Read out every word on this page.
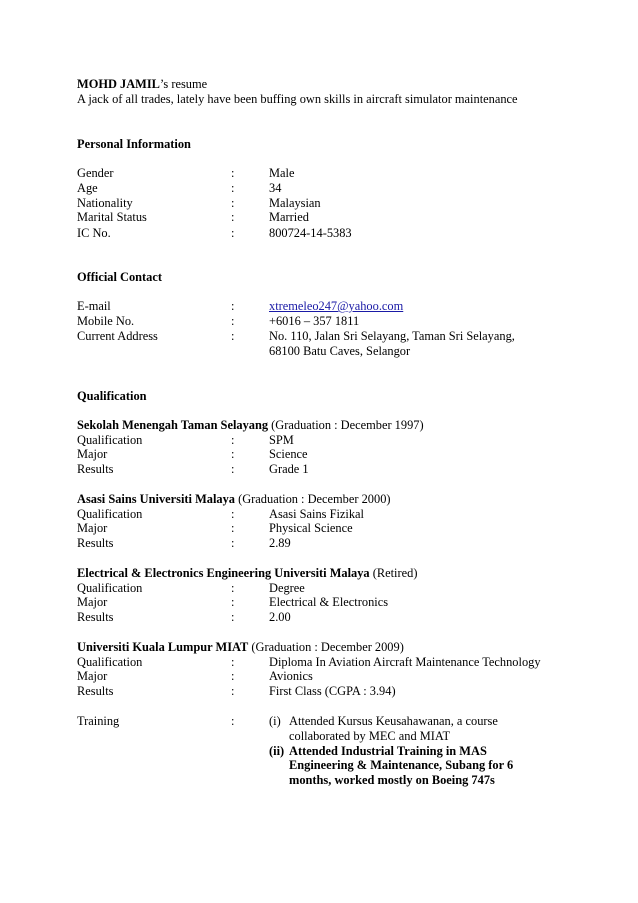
MOHD JAMIL’s resume
A jack of all trades, lately have been buffing own skills in aircraft simulator maintenance
Personal Information
Gender	:	Male
Age	:	34
Nationality	:	Malaysian
Marital Status	:	Married
IC No.	:	800724-14-5383
Official Contact
E-mail	:	xtremeleo247@yahoo.com
Mobile No.	:	+6016 – 357 1811
Current Address	:	No. 110, Jalan Sri Selayang, Taman Sri Selayang,
68100 Batu Caves, Selangor
Qualification
Sekolah Menengah Taman Selayang (Graduation : December 1997)
Qualification	:	SPM
Major	:	Science
Results	:	Grade 1
Asasi Sains Universiti Malaya (Graduation : December 2000)
Qualification	:	Asasi Sains Fizikal
Major	:	Physical Science
Results	:	2.89
Electrical & Electronics Engineering Universiti Malaya (Retired)
Qualification	:	Degree
Major	:	Electrical & Electronics
Results	:	2.00
Universiti Kuala Lumpur MIAT (Graduation : December 2009)
Qualification	:	Diploma In Aviation Aircraft Maintenance Technology
Major	:	Avionics
Results	:	First Class (CGPA : 3.94)
Training	:	(i) Attended Kursus Keusahawanan, a course
collaborated by MEC and MIAT
(ii) Attended Industrial Training in MAS
Engineering & Maintenance, Subang for 6
months, worked mostly on Boeing 747s
